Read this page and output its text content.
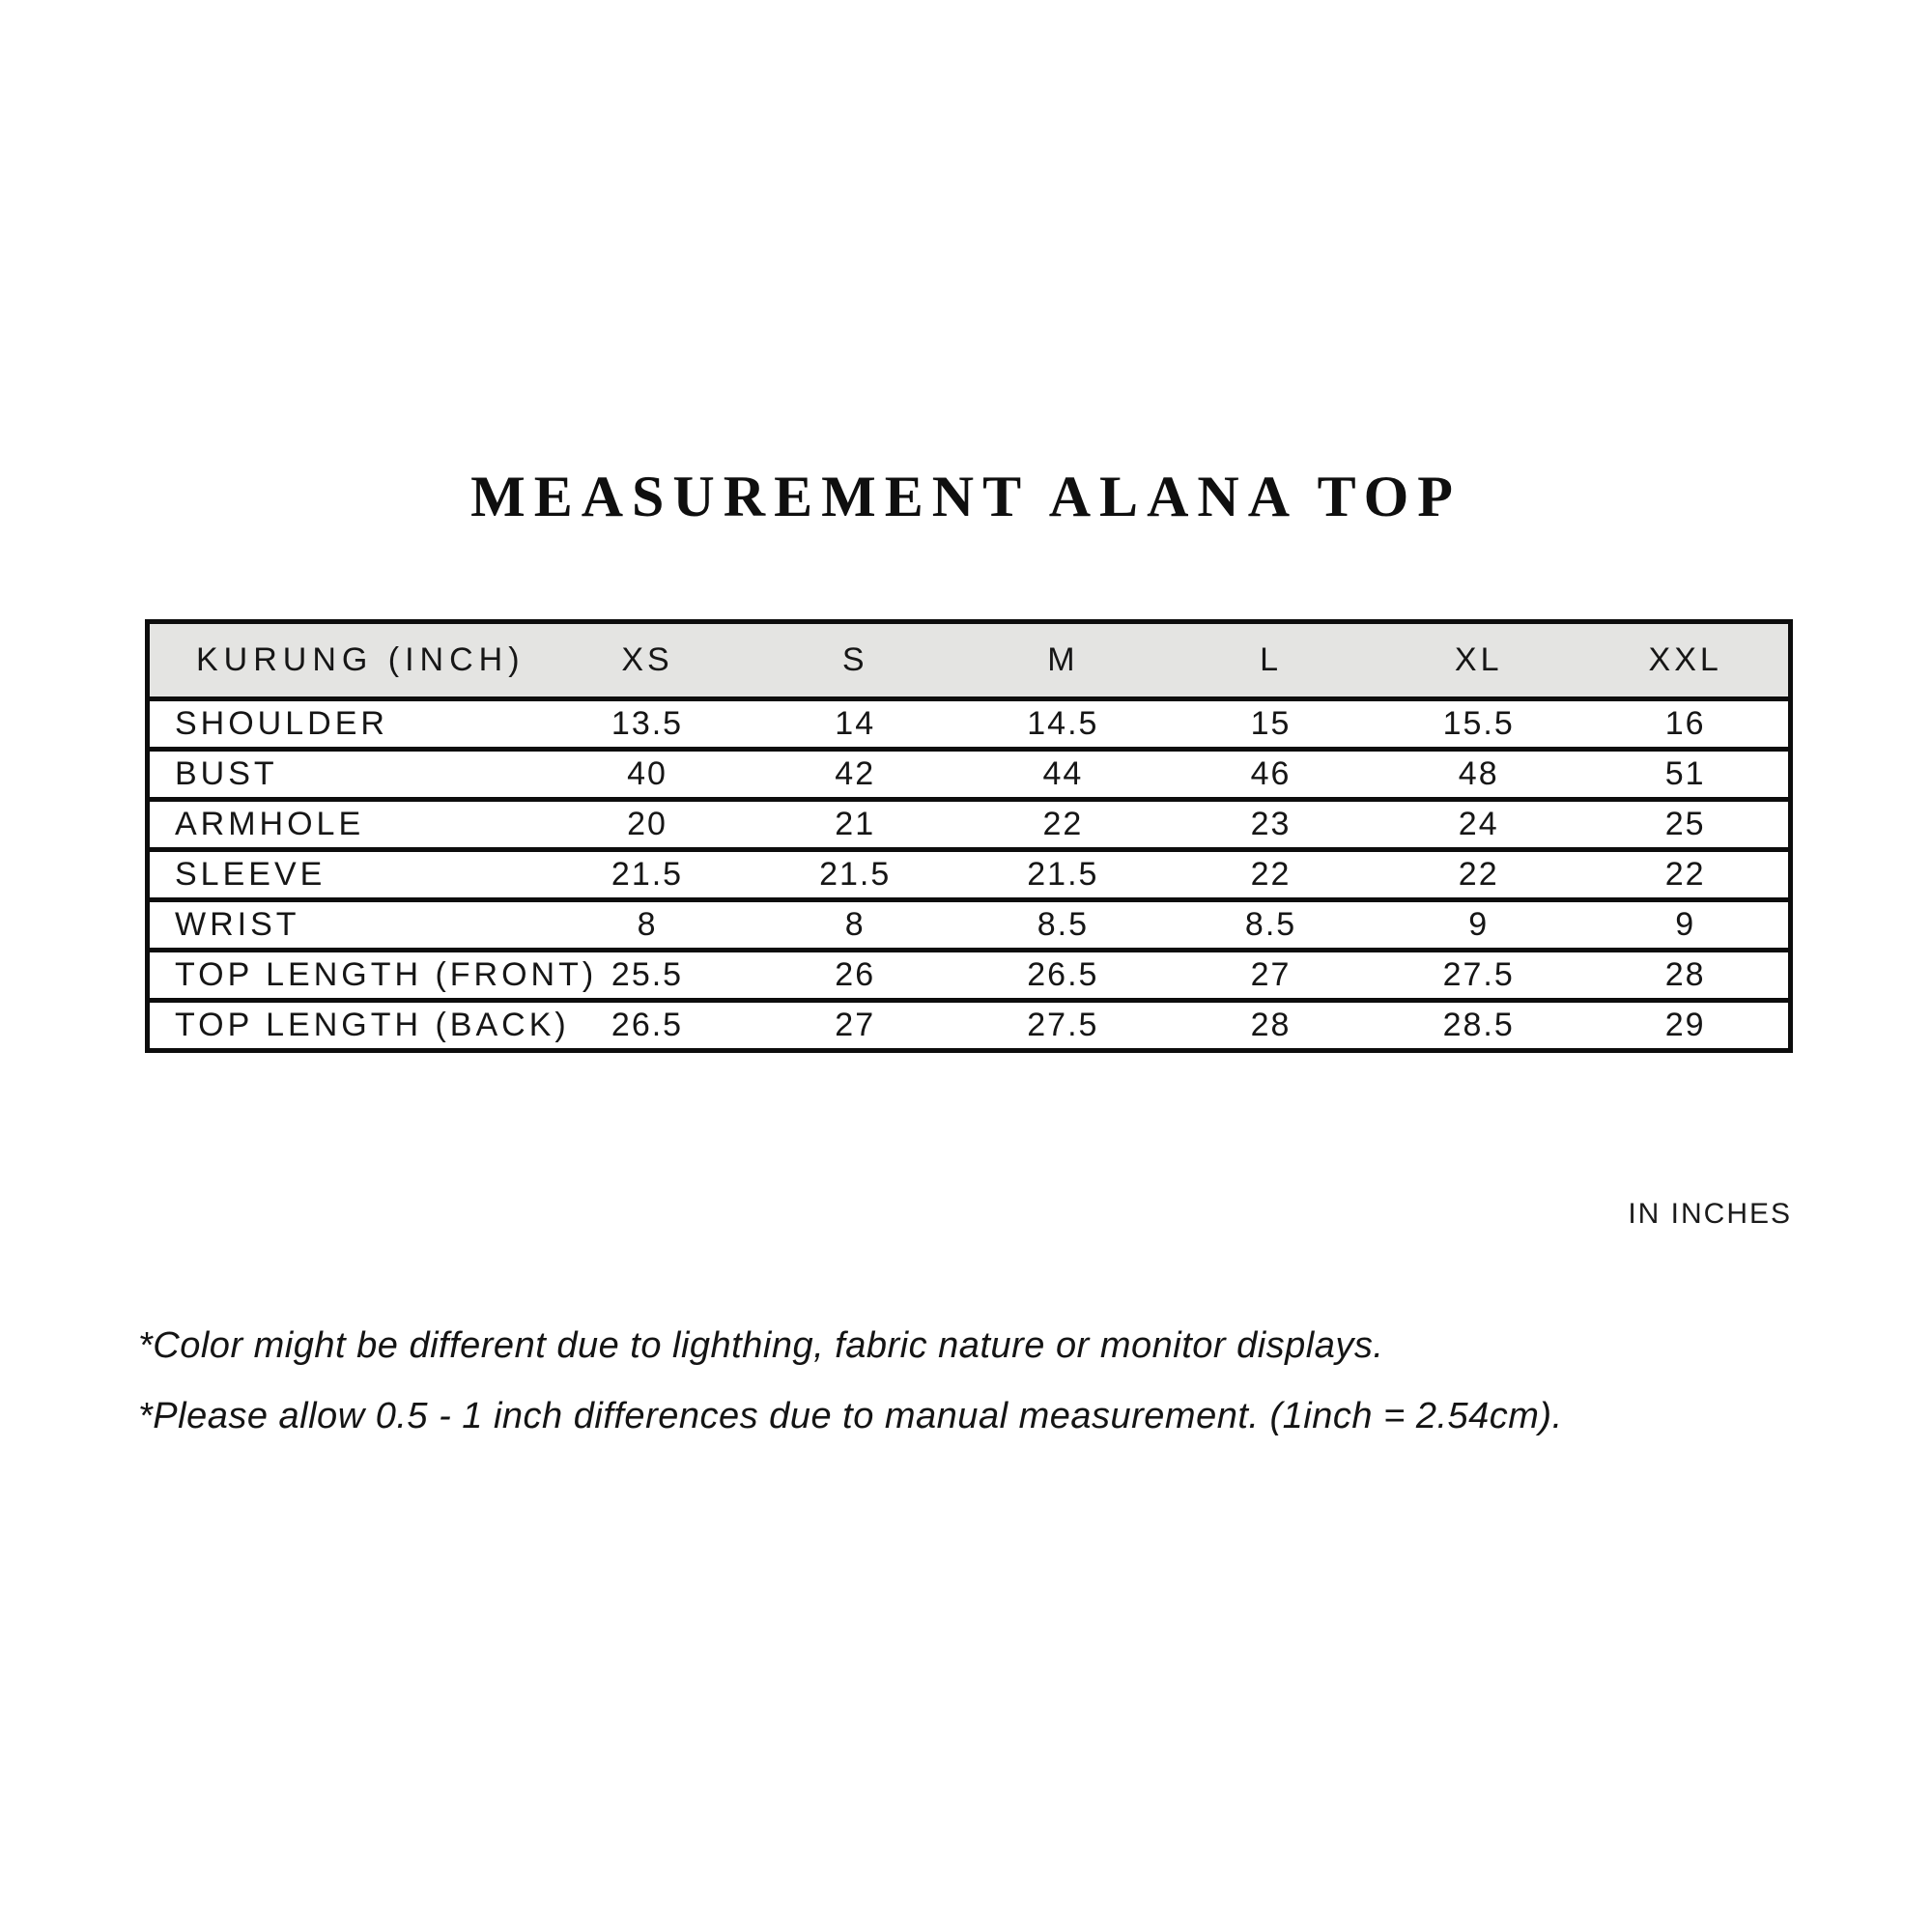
MEASUREMENT ALANA TOP
KURUNG (INCH)	XS	S	M	L	XL	XXL
SHOULDER	13.5	14	14.5	15	15.5	16
BUST	40	42	44	46	48	51
ARMHOLE	20	21	22	23	24	25
SLEEVE	21.5	21.5	21.5	22	22	22
WRIST	8	8	8.5	8.5	9	9
TOP LENGTH (FRONT)	25.5	26	26.5	27	27.5	28
TOP LENGTH (BACK)	26.5	27	27.5	28	28.5	29
IN INCHES

*Color might be different due to lighthing, fabric nature or monitor displays.

*Please allow 0.5 - 1 inch differences due to manual measurement. (1inch = 2.54cm).
